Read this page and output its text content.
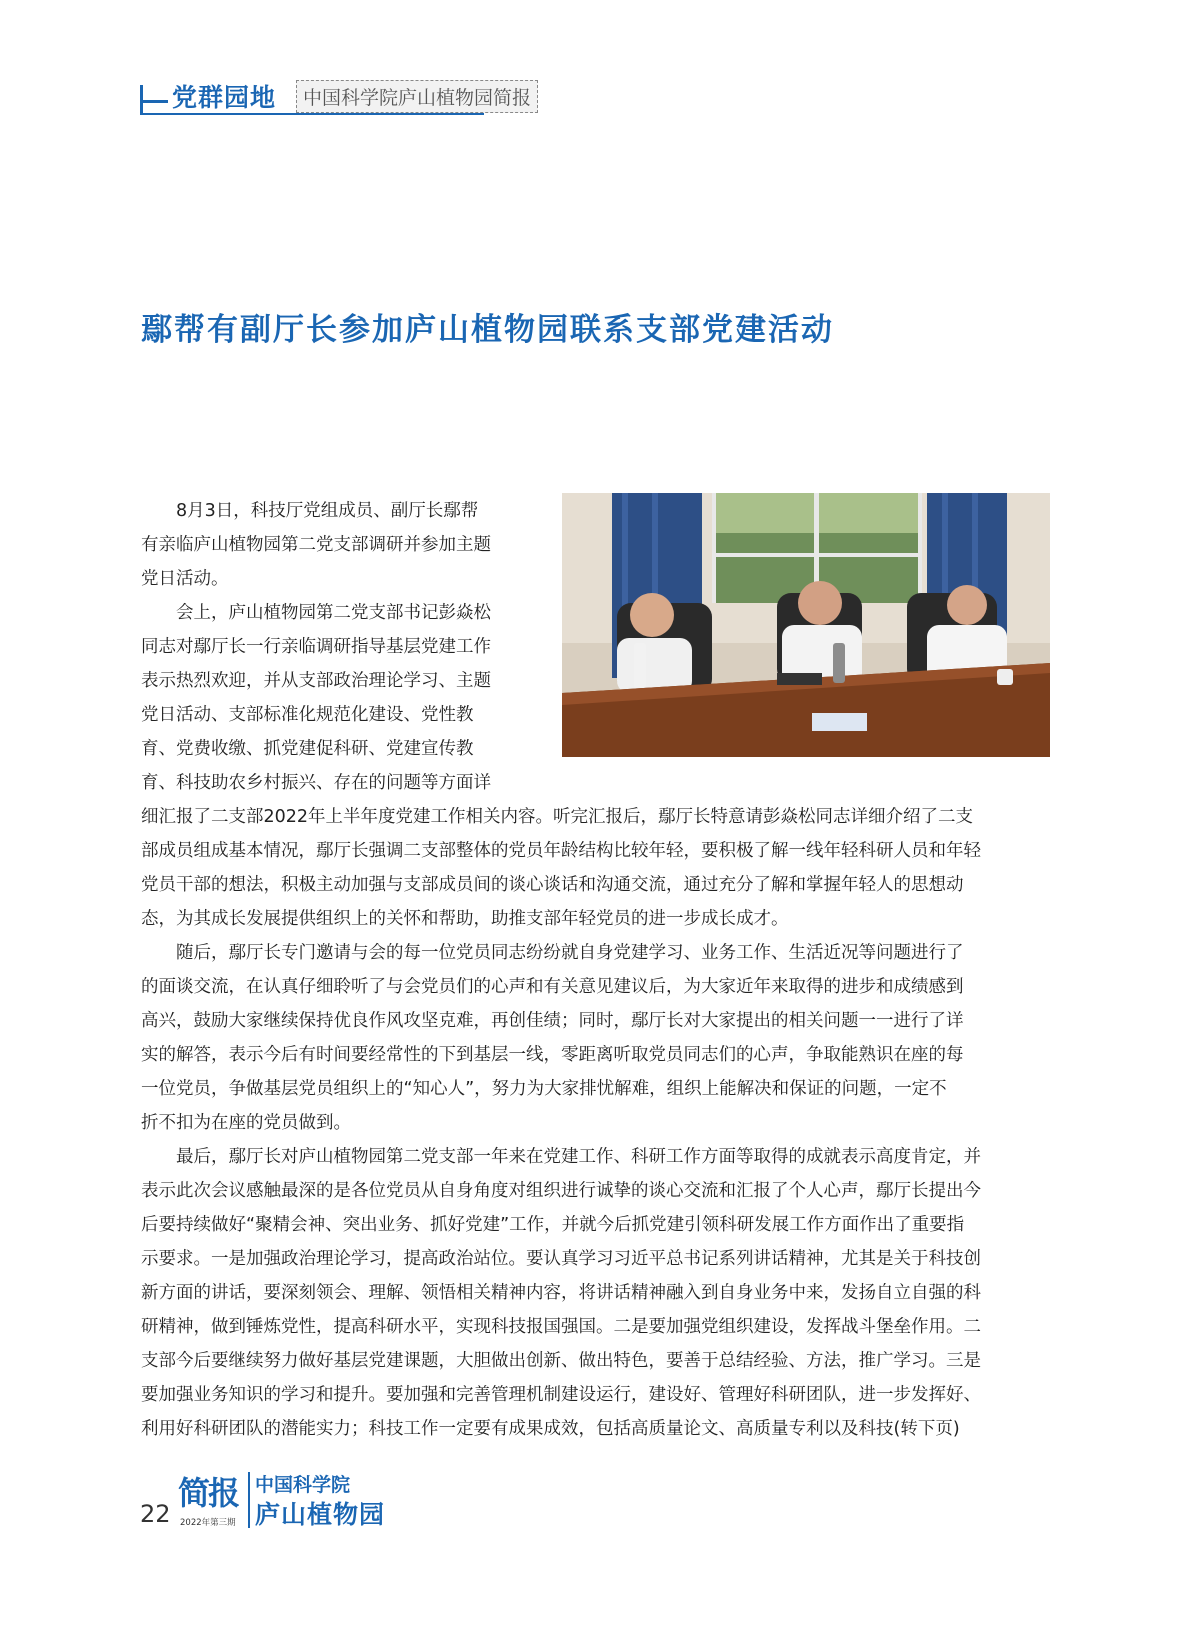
党群园地	中国科学院庐山植物园简报
鄢帮有副厅长参加庐山植物园联系支部党建活动
8月3日，科技厅党组成员、副厅长鄢帮
有亲临庐山植物园第二党支部调研并参加主题
党日活动。
会上，庐山植物园第二党支部书记彭焱松
同志对鄢厅长一行亲临调研指导基层党建工作
表示热烈欢迎，并从支部政治理论学习、主题
党日活动、支部标准化规范化建设、党性教
育、党费收缴、抓党建促科研、党建宣传教
育、科技助农乡村振兴、存在的问题等方面详
细汇报了二支部2022年上半年度党建工作相关内容。听完汇报后，鄢厅长特意请彭焱松同志详细介绍了二支
部成员组成基本情况，鄢厅长强调二支部整体的党员年龄结构比较年轻，要积极了解一线年轻科研人员和年轻
党员干部的想法，积极主动加强与支部成员间的谈心谈话和沟通交流，通过充分了解和掌握年轻人的思想动
态，为其成长发展提供组织上的关怀和帮助，助推支部年轻党员的进一步成长成才。
随后，鄢厅长专门邀请与会的每一位党员同志纷纷就自身党建学习、业务工作、生活近况等问题进行了
的面谈交流，在认真仔细聆听了与会党员们的心声和有关意见建议后，为大家近年来取得的进步和成绩感到
高兴，鼓励大家继续保持优良作风攻坚克难，再创佳绩；同时，鄢厅长对大家提出的相关问题一一进行了详
实的解答，表示今后有时间要经常性的下到基层一线，零距离听取党员同志们的心声，争取能熟识在座的每
一位党员，争做基层党员组织上的“知心人”，努力为大家排忧解难，组织上能解决和保证的问题，一定不
折不扣为在座的党员做到。
最后，鄢厅长对庐山植物园第二党支部一年来在党建工作、科研工作方面等取得的成就表示高度肯定，并
表示此次会议感触最深的是各位党员从自身角度对组织进行诚挚的谈心交流和汇报了个人心声，鄢厅长提出今
后要持续做好“聚精会神、突出业务、抓好党建”工作，并就今后抓党建引领科研发展工作方面作出了重要指
示要求。一是加强政治理论学习，提高政治站位。要认真学习习近平总书记系列讲话精神，尤其是关于科技创
新方面的讲话，要深刻领会、理解、领悟相关精神内容，将讲话精神融入到自身业务中来，发扬自立自强的科
研精神，做到锤炼党性，提高科研水平，实现科技报国强国。二是要加强党组织建设，发挥战斗堡垒作用。二
支部今后要继续努力做好基层党建课题，大胆做出创新、做出特色，要善于总结经验、方法，推广学习。三是
要加强业务知识的学习和提升。要加强和完善管理机制建设运行，建设好、管理好科研团队，进一步发挥好、
利用好科研团队的潜能实力；科技工作一定要有成果成效，包括高质量论文、高质量专利以及科技(转下页)
22
简报
2022年第三期
中国科学院
庐山植物园
